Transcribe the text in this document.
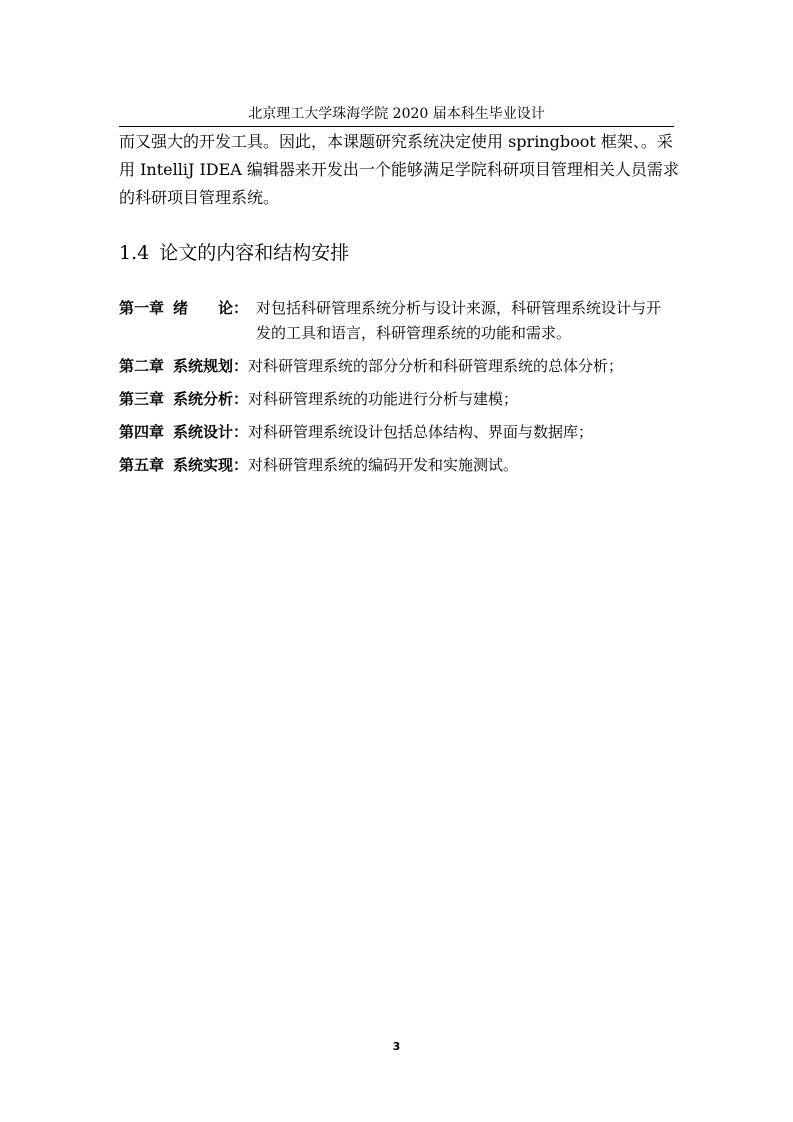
北京理工大学珠海学院 2020 届本科生毕业设计

而又强大的开发工具。因此，本课题研究系统决定使用 springboot 框架、。采

用 IntelliJ IDEA 编辑器来开发出一个能够满足学院科研项目管理相关人员需求

的科研项目管理系统。

1.4 论文的内容和结构安排
第一章 绪　　论： 对包括科研管理系统分析与设计来源，科研管理系统设计与开
发的工具和语言，科研管理系统的功能和需求。
第二章 系统规划： 对科研管理系统的部分分析和科研管理系统的总体分析；
第三章 系统分析： 对科研管理系统的功能进行分析与建模；
第四章 系统设计： 对科研管理系统设计包括总体结构、界面与数据库；
第五章 系统实现： 对科研管理系统的编码开发和实施测试。
3
